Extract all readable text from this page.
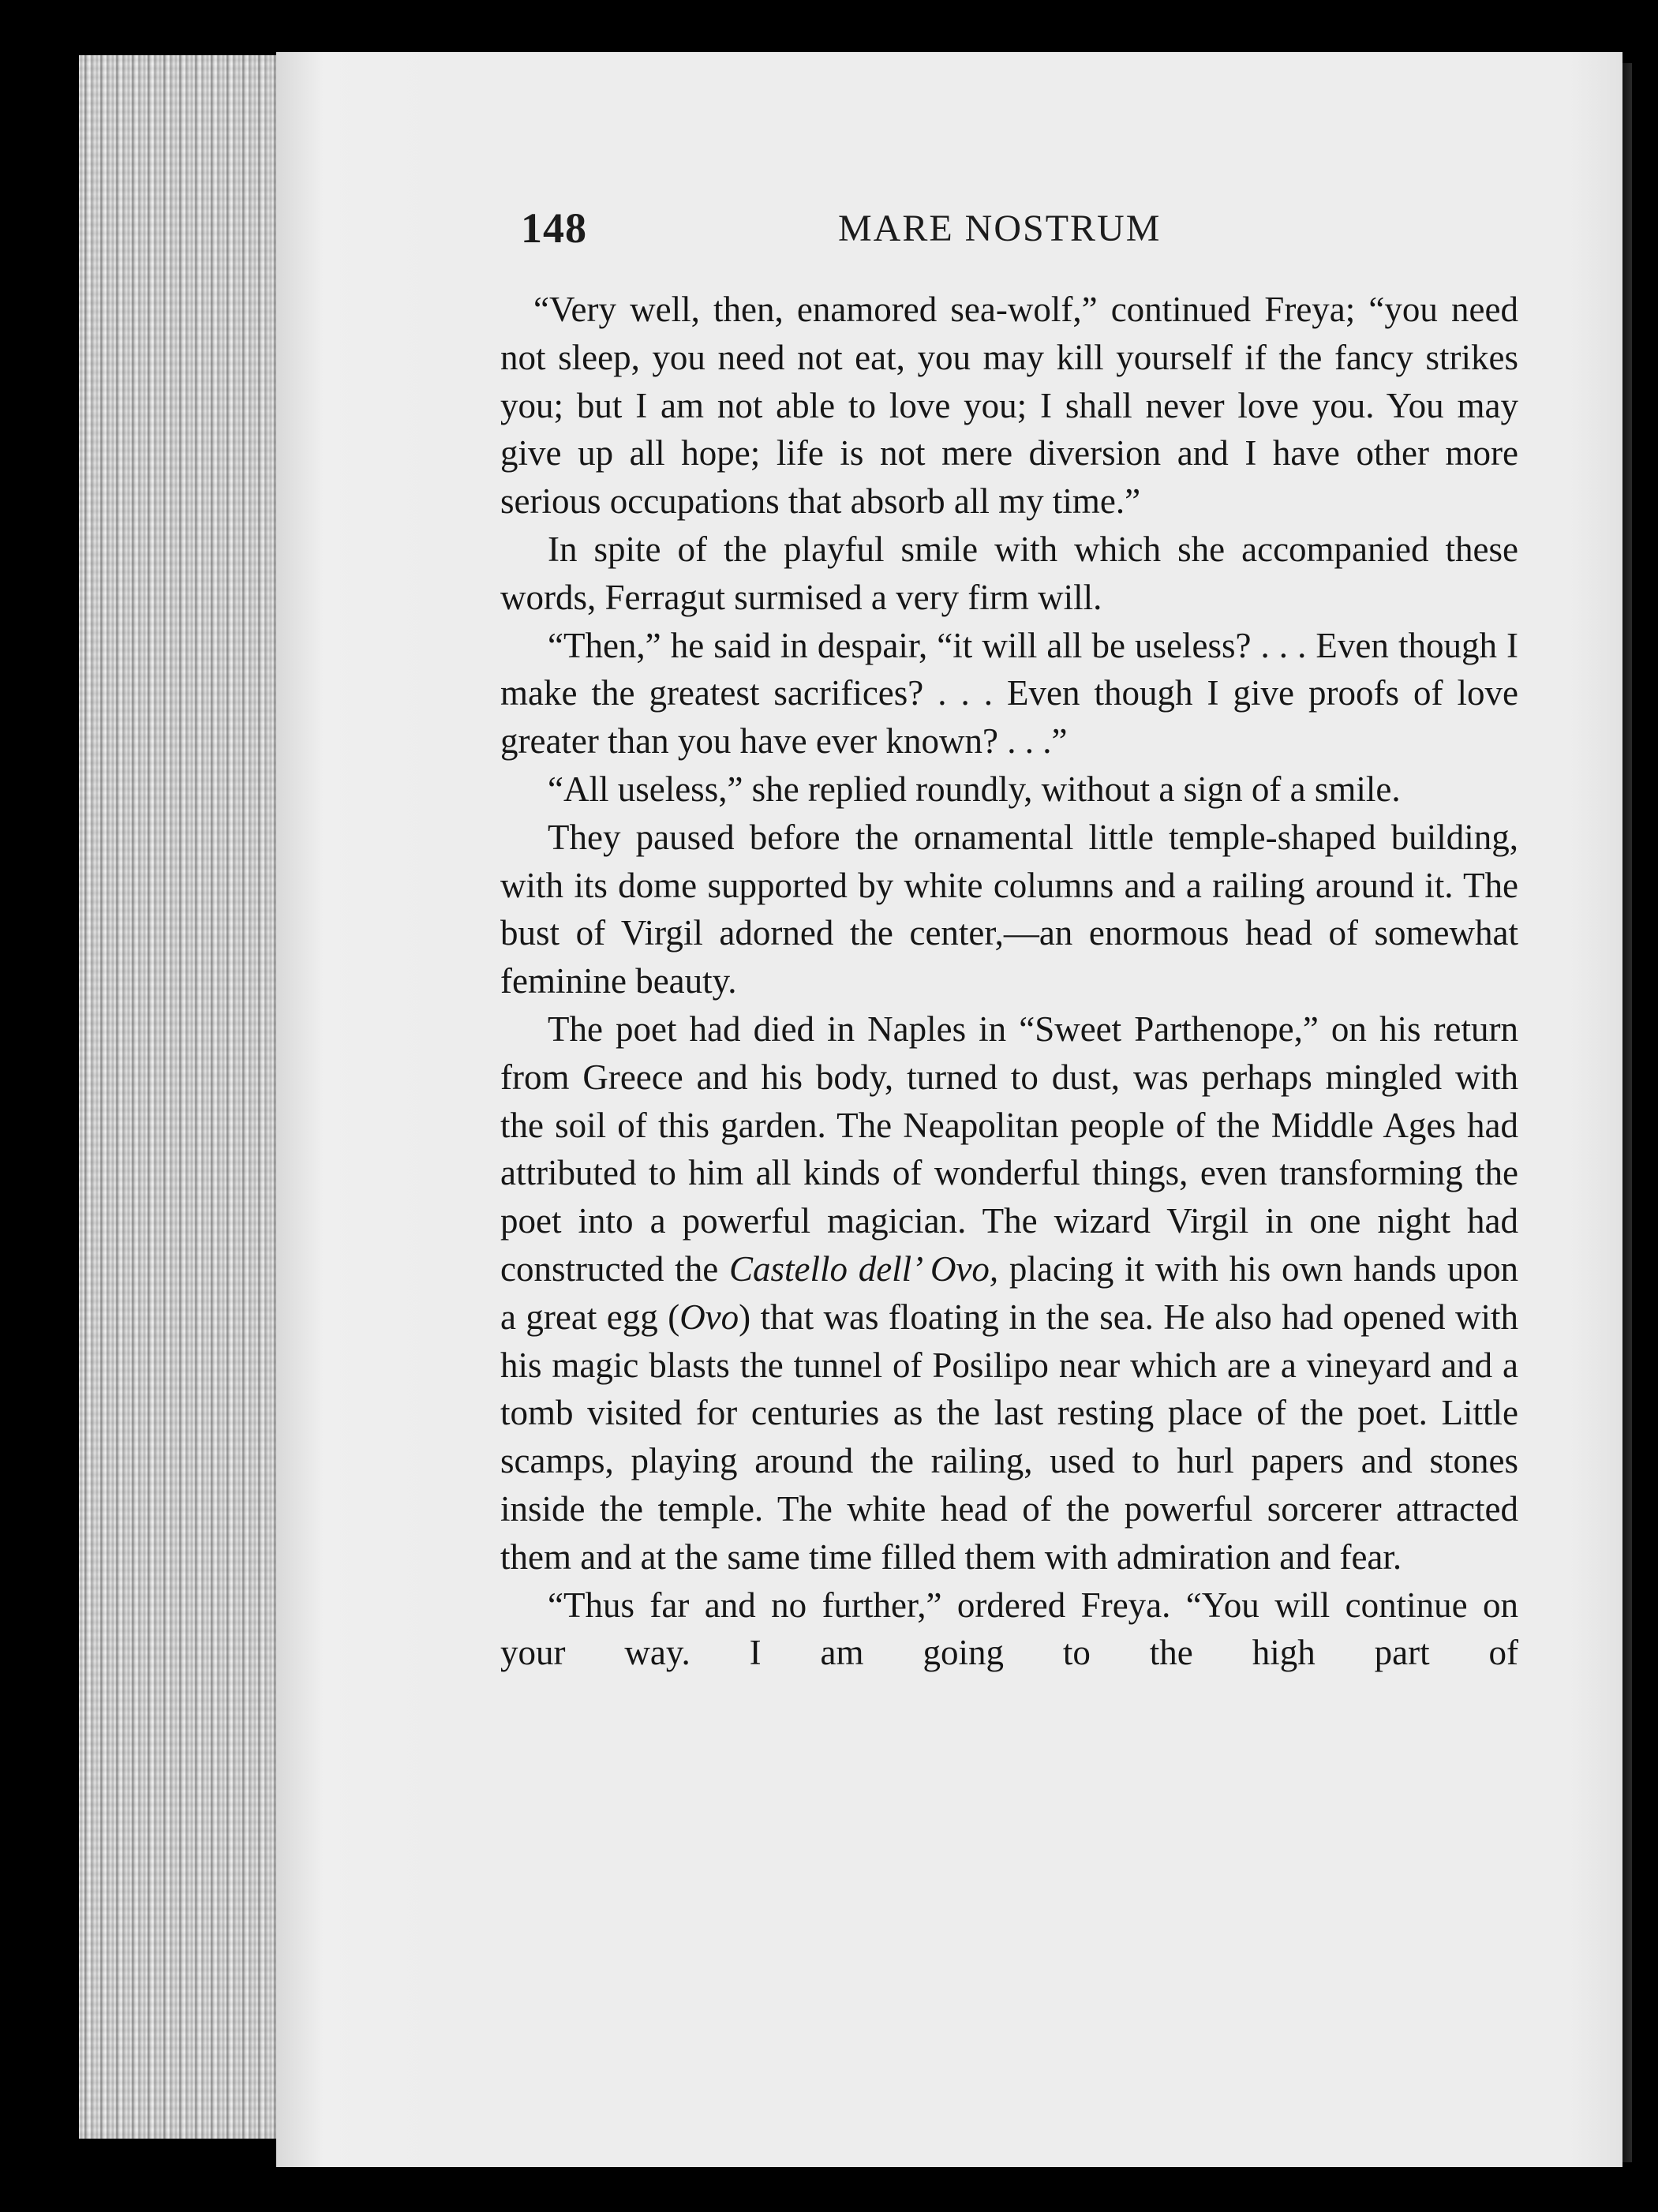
148	MARE NOSTRUM

“Very well, then, enamored sea-wolf,” continued Freya; “you need not sleep, you need not eat, you may kill yourself if the fancy strikes you; but I am not able to love you; I shall never love you. You may give up all hope; life is not mere diversion and I have other more serious occupations that absorb all my time.”

In spite of the playful smile with which she accompanied these words, Ferragut surmised a very firm will.

“Then,” he said in despair, “it will all be useless? . . . Even though I make the greatest sacrifices? . . . Even though I give proofs of love greater than you have ever known? . . .”

“All useless,” she replied roundly, without a sign of a smile.

They paused before the ornamental little temple-shaped building, with its dome supported by white columns and a railing around it. The bust of Virgil adorned the center,—an enormous head of somewhat feminine beauty.

The poet had died in Naples in “Sweet Parthenope,” on his return from Greece and his body, turned to dust, was perhaps mingled with the soil of this garden. The Neapolitan people of the Middle Ages had attributed to him all kinds of wonderful things, even transforming the poet into a powerful magician. The wizard Virgil in one night had constructed the Castello dell’ Ovo, placing it with his own hands upon a great egg (Ovo) that was floating in the sea. He also had opened with his magic blasts the tunnel of Posilipo near which are a vineyard and a tomb visited for centuries as the last resting place of the poet. Little scamps, playing around the railing, used to hurl papers and stones inside the temple. The white head of the powerful sorcerer attracted them and at the same time filled them with admiration and fear.

“Thus far and no further,” ordered Freya. “You will continue on your way. I am going to the high part of
